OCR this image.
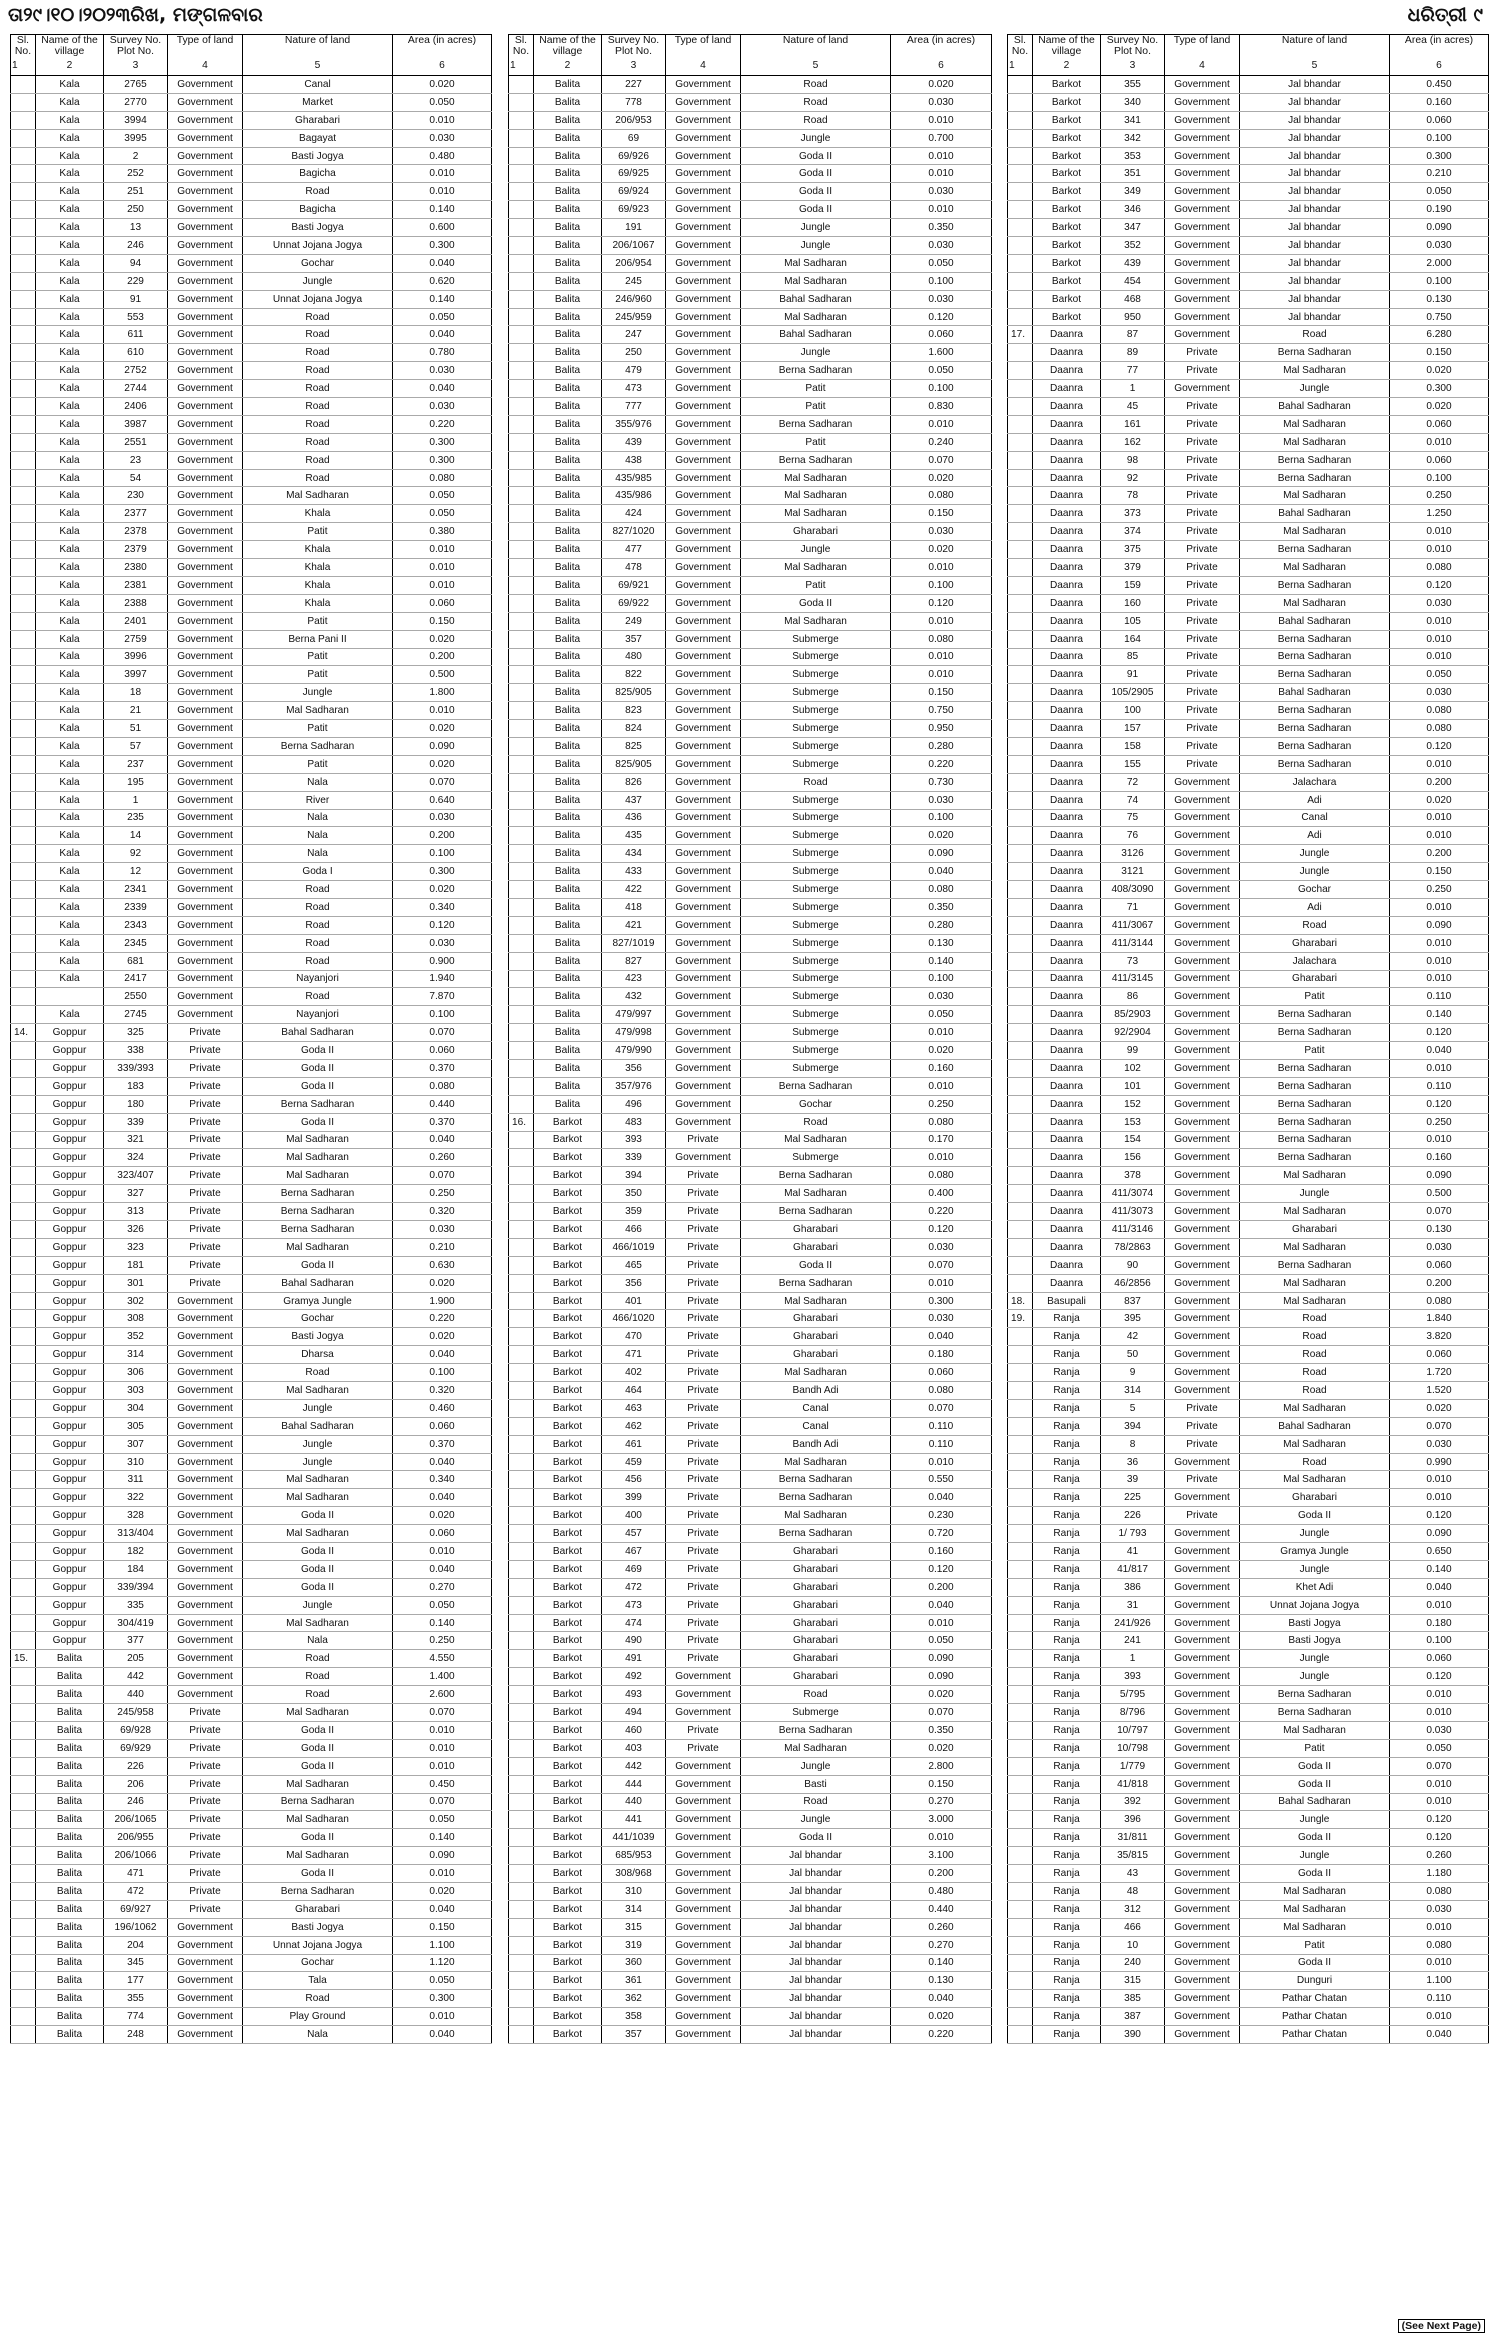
ତା୨୯।୧୦।୨୦୨୩ରିଖ, ମଙ୍ଗଳବାର	ଧରିତ୍ରୀ ୯
Sl. No.	Name of the village	Survey No. Plot No.	Type of land	Nature of land	Area (in acres)
1	2	3	4	5	6
	Kala	2765	Government	Canal	0.020
	Kala	2770	Government	Market	0.050
	Kala	3994	Government	Gharabari	0.010
	Kala	3995	Government	Bagayat	0.030
	Kala	2	Government	Basti Jogya	0.480
	Kala	252	Government	Bagicha	0.010
	Kala	251	Government	Road	0.010
	Kala	250	Government	Bagicha	0.140
	Kala	13	Government	Basti Jogya	0.600
	Kala	246	Government	Unnat Jojana Jogya	0.300
	Kala	94	Government	Gochar	0.040
	Kala	229	Government	Jungle	0.620
	Kala	91	Government	Unnat Jojana Jogya	0.140
	Kala	553	Government	Road	0.050
	Kala	611	Government	Road	0.040
	Kala	610	Government	Road	0.780
	Kala	2752	Government	Road	0.030
	Kala	2744	Government	Road	0.040
	Kala	2406	Government	Road	0.030
	Kala	3987	Government	Road	0.220
	Kala	2551	Government	Road	0.300
	Kala	23	Government	Road	0.300
	Kala	54	Government	Road	0.080
	Kala	230	Government	Mal Sadharan	0.050
	Kala	2377	Government	Khala	0.050
	Kala	2378	Government	Patit	0.380
	Kala	2379	Government	Khala	0.010
	Kala	2380	Government	Khala	0.010
	Kala	2381	Government	Khala	0.010
	Kala	2388	Government	Khala	0.060
	Kala	2401	Government	Patit	0.150
	Kala	2759	Government	Berna Pani II	0.020
	Kala	3996	Government	Patit	0.200
	Kala	3997	Government	Patit	0.500
	Kala	18	Government	Jungle	1.800
	Kala	21	Government	Mal Sadharan	0.010
	Kala	51	Government	Patit	0.020
	Kala	57	Government	Berna Sadharan	0.090
	Kala	237	Government	Patit	0.020
	Kala	195	Government	Nala	0.070
	Kala	1	Government	River	0.640
	Kala	235	Government	Nala	0.030
	Kala	14	Government	Nala	0.200
	Kala	92	Government	Nala	0.100
	Kala	12	Government	Goda I	0.300
	Kala	2341	Government	Road	0.020
	Kala	2339	Government	Road	0.340
	Kala	2343	Government	Road	0.120
	Kala	2345	Government	Road	0.030
	Kala	681	Government	Road	0.900
	Kala	2417	Government	Nayanjori	1.940
		2550	Government	Road	7.870
	Kala	2745	Government	Nayanjori	0.100
14.	Goppur	325	Private	Bahal Sadharan	0.070
	Goppur	338	Private	Goda II	0.060
	Goppur	339/393	Private	Goda II	0.370
	Goppur	183	Private	Goda II	0.080
	Goppur	180	Private	Berna Sadharan	0.440
	Goppur	339	Private	Goda II	0.370
	Goppur	321	Private	Mal Sadharan	0.040
	Goppur	324	Private	Mal Sadharan	0.260
	Goppur	323/407	Private	Mal Sadharan	0.070
	Goppur	327	Private	Berna Sadharan	0.250
	Goppur	313	Private	Berna Sadharan	0.320
	Goppur	326	Private	Berna Sadharan	0.030
	Goppur	323	Private	Mal Sadharan	0.210
	Goppur	181	Private	Goda II	0.630
	Goppur	301	Private	Bahal Sadharan	0.020
	Goppur	302	Government	Gramya Jungle	1.900
	Goppur	308	Government	Gochar	0.220
	Goppur	352	Government	Basti Jogya	0.020
	Goppur	314	Government	Dharsa	0.040
	Goppur	306	Government	Road	0.100
	Goppur	303	Government	Mal Sadharan	0.320
	Goppur	304	Government	Jungle	0.460
	Goppur	305	Government	Bahal Sadharan	0.060
	Goppur	307	Government	Jungle	0.370
	Goppur	310	Government	Jungle	0.040
	Goppur	311	Government	Mal Sadharan	0.340
	Goppur	322	Government	Mal Sadharan	0.040
	Goppur	328	Government	Goda II	0.020
	Goppur	313/404	Government	Mal Sadharan	0.060
	Goppur	182	Government	Goda II	0.010
	Goppur	184	Government	Goda II	0.040
	Goppur	339/394	Government	Goda II	0.270
	Goppur	335	Government	Jungle	0.050
	Goppur	304/419	Government	Mal Sadharan	0.140
	Goppur	377	Government	Nala	0.250
15.	Balita	205	Government	Road	4.550
	Balita	442	Government	Road	1.400
	Balita	440	Government	Road	2.600
	Balita	245/958	Private	Mal Sadharan	0.070
	Balita	69/928	Private	Goda II	0.010
	Balita	69/929	Private	Goda II	0.010
	Balita	226	Private	Goda II	0.010
	Balita	206	Private	Mal Sadharan	0.450
	Balita	246	Private	Berna Sadharan	0.070
	Balita	206/1065	Private	Mal Sadharan	0.050
	Balita	206/955	Private	Goda II	0.140
	Balita	206/1066	Private	Mal Sadharan	0.090
	Balita	471	Private	Goda II	0.010
	Balita	472	Private	Berna Sadharan	0.020
	Balita	69/927	Private	Gharabari	0.040
	Balita	196/1062	Government	Basti Jogya	0.150
	Balita	204	Government	Unnat Jojana Jogya	1.100
	Balita	345	Government	Gochar	1.120
	Balita	177	Government	Tala	0.050
	Balita	355	Government	Road	0.300
	Balita	774	Government	Play Ground	0.010
	Balita	248	Government	Nala	0.040
Sl. No.	Name of the village	Survey No. Plot No.	Type of land	Nature of land	Area (in acres)
1	2	3	4	5	6
	Balita	227	Government	Road	0.020
	Balita	778	Government	Road	0.030
	Balita	206/953	Government	Road	0.010
	Balita	69	Government	Jungle	0.700
	Balita	69/926	Government	Goda II	0.010
	Balita	69/925	Government	Goda II	0.010
	Balita	69/924	Government	Goda II	0.030
	Balita	69/923	Government	Goda II	0.010
	Balita	191	Government	Jungle	0.350
	Balita	206/1067	Government	Jungle	0.030
	Balita	206/954	Government	Mal Sadharan	0.050
	Balita	245	Government	Mal Sadharan	0.100
	Balita	246/960	Government	Bahal Sadharan	0.030
	Balita	245/959	Government	Mal Sadharan	0.120
	Balita	247	Government	Bahal Sadharan	0.060
	Balita	250	Government	Jungle	1.600
	Balita	479	Government	Berna Sadharan	0.050
	Balita	473	Government	Patit	0.100
	Balita	777	Government	Patit	0.830
	Balita	355/976	Government	Berna Sadharan	0.010
	Balita	439	Government	Patit	0.240
	Balita	438	Government	Berna Sadharan	0.070
	Balita	435/985	Government	Mal Sadharan	0.020
	Balita	435/986	Government	Mal Sadharan	0.080
	Balita	424	Government	Mal Sadharan	0.150
	Balita	827/1020	Government	Gharabari	0.030
	Balita	477	Government	Jungle	0.020
	Balita	478	Government	Mal Sadharan	0.010
	Balita	69/921	Government	Patit	0.100
	Balita	69/922	Government	Goda II	0.120
	Balita	249	Government	Mal Sadharan	0.010
	Balita	357	Government	Submerge	0.080
	Balita	480	Government	Submerge	0.010
	Balita	822	Government	Submerge	0.010
	Balita	825/905	Government	Submerge	0.150
	Balita	823	Government	Submerge	0.750
	Balita	824	Government	Submerge	0.950
	Balita	825	Government	Submerge	0.280
	Balita	825/905	Government	Submerge	0.220
	Balita	826	Government	Road	0.730
	Balita	437	Government	Submerge	0.030
	Balita	436	Government	Submerge	0.100
	Balita	435	Government	Submerge	0.020
	Balita	434	Government	Submerge	0.090
	Balita	433	Government	Submerge	0.040
	Balita	422	Government	Submerge	0.080
	Balita	418	Government	Submerge	0.350
	Balita	421	Government	Submerge	0.280
	Balita	827/1019	Government	Submerge	0.130
	Balita	827	Government	Submerge	0.140
	Balita	423	Government	Submerge	0.100
	Balita	432	Government	Submerge	0.030
	Balita	479/997	Government	Submerge	0.050
	Balita	479/998	Government	Submerge	0.010
	Balita	479/990	Government	Submerge	0.020
	Balita	356	Government	Submerge	0.160
	Balita	357/976	Government	Berna Sadharan	0.010
	Balita	496	Government	Gochar	0.250
16.	Barkot	483	Government	Road	0.080
	Barkot	393	Private	Mal Sadharan	0.170
	Barkot	339	Government	Submerge	0.010
	Barkot	394	Private	Berna Sadharan	0.080
	Barkot	350	Private	Mal Sadharan	0.400
	Barkot	359	Private	Berna Sadharan	0.220
	Barkot	466	Private	Gharabari	0.120
	Barkot	466/1019	Private	Gharabari	0.030
	Barkot	465	Private	Goda II	0.070
	Barkot	356	Private	Berna Sadharan	0.010
	Barkot	401	Private	Mal Sadharan	0.300
	Barkot	466/1020	Private	Gharabari	0.030
	Barkot	470	Private	Gharabari	0.040
	Barkot	471	Private	Gharabari	0.180
	Barkot	402	Private	Mal Sadharan	0.060
	Barkot	464	Private	Bandh Adi	0.080
	Barkot	463	Private	Canal	0.070
	Barkot	462	Private	Canal	0.110
	Barkot	461	Private	Bandh Adi	0.110
	Barkot	459	Private	Mal Sadharan	0.010
	Barkot	456	Private	Berna Sadharan	0.550
	Barkot	399	Private	Berna Sadharan	0.040
	Barkot	400	Private	Mal Sadharan	0.230
	Barkot	457	Private	Berna Sadharan	0.720
	Barkot	467	Private	Gharabari	0.160
	Barkot	469	Private	Gharabari	0.120
	Barkot	472	Private	Gharabari	0.200
	Barkot	473	Private	Gharabari	0.040
	Barkot	474	Private	Gharabari	0.010
	Barkot	490	Private	Gharabari	0.050
	Barkot	491	Private	Gharabari	0.090
	Barkot	492	Government	Gharabari	0.090
	Barkot	493	Government	Road	0.020
	Barkot	494	Government	Submerge	0.070
	Barkot	460	Private	Berna Sadharan	0.350
	Barkot	403	Private	Mal Sadharan	0.020
	Barkot	442	Government	Jungle	2.800
	Barkot	444	Government	Basti	0.150
	Barkot	440	Government	Road	0.270
	Barkot	441	Government	Jungle	3.000
	Barkot	441/1039	Government	Goda II	0.010
	Barkot	685/953	Government	Jal bhandar	3.100
	Barkot	308/968	Government	Jal bhandar	0.200
	Barkot	310	Government	Jal bhandar	0.480
	Barkot	314	Government	Jal bhandar	0.440
	Barkot	315	Government	Jal bhandar	0.260
	Barkot	319	Government	Jal bhandar	0.270
	Barkot	360	Government	Jal bhandar	0.140
	Barkot	361	Government	Jal bhandar	0.130
	Barkot	362	Government	Jal bhandar	0.040
	Barkot	358	Government	Jal bhandar	0.020
	Barkot	357	Government	Jal bhandar	0.220
Sl. No.	Name of the village	Survey No. Plot No.	Type of land	Nature of land	Area (in acres)
1	2	3	4	5	6
	Barkot	355	Government	Jal bhandar	0.450
	Barkot	340	Government	Jal bhandar	0.160
	Barkot	341	Government	Jal bhandar	0.060
	Barkot	342	Government	Jal bhandar	0.100
	Barkot	353	Government	Jal bhandar	0.300
	Barkot	351	Government	Jal bhandar	0.210
	Barkot	349	Government	Jal bhandar	0.050
	Barkot	346	Government	Jal bhandar	0.190
	Barkot	347	Government	Jal bhandar	0.090
	Barkot	352	Government	Jal bhandar	0.030
	Barkot	439	Government	Jal bhandar	2.000
	Barkot	454	Government	Jal bhandar	0.100
	Barkot	468	Government	Jal bhandar	0.130
	Barkot	950	Government	Jal bhandar	0.750
17.	Daanra	87	Government	Road	6.280
	Daanra	89	Private	Berna Sadharan	0.150
	Daanra	77	Private	Mal Sadharan	0.020
	Daanra	1	Government	Jungle	0.300
	Daanra	45	Private	Bahal Sadharan	0.020
	Daanra	161	Private	Mal Sadharan	0.060
	Daanra	162	Private	Mal Sadharan	0.010
	Daanra	98	Private	Berna Sadharan	0.060
	Daanra	92	Private	Berna Sadharan	0.100
	Daanra	78	Private	Mal Sadharan	0.250
	Daanra	373	Private	Bahal Sadharan	1.250
	Daanra	374	Private	Mal Sadharan	0.010
	Daanra	375	Private	Berna Sadharan	0.010
	Daanra	379	Private	Mal Sadharan	0.080
	Daanra	159	Private	Berna Sadharan	0.120
	Daanra	160	Private	Mal Sadharan	0.030
	Daanra	105	Private	Bahal Sadharan	0.010
	Daanra	164	Private	Berna Sadharan	0.010
	Daanra	85	Private	Berna Sadharan	0.010
	Daanra	91	Private	Berna Sadharan	0.050
	Daanra	105/2905	Private	Bahal Sadharan	0.030
	Daanra	100	Private	Berna Sadharan	0.080
	Daanra	157	Private	Berna Sadharan	0.080
	Daanra	158	Private	Berna Sadharan	0.120
	Daanra	155	Private	Berna Sadharan	0.010
	Daanra	72	Government	Jalachara	0.200
	Daanra	74	Government	Adi	0.020
	Daanra	75	Government	Canal	0.010
	Daanra	76	Government	Adi	0.010
	Daanra	3126	Government	Jungle	0.200
	Daanra	3121	Government	Jungle	0.150
	Daanra	408/3090	Government	Gochar	0.250
	Daanra	71	Government	Adi	0.010
	Daanra	411/3067	Government	Road	0.090
	Daanra	411/3144	Government	Gharabari	0.010
	Daanra	73	Government	Jalachara	0.010
	Daanra	411/3145	Government	Gharabari	0.010
	Daanra	86	Government	Patit	0.110
	Daanra	85/2903	Government	Berna Sadharan	0.140
	Daanra	92/2904	Government	Berna Sadharan	0.120
	Daanra	99	Government	Patit	0.040
	Daanra	102	Government	Berna Sadharan	0.010
	Daanra	101	Government	Berna Sadharan	0.110
	Daanra	152	Government	Berna Sadharan	0.120
	Daanra	153	Government	Berna Sadharan	0.250
	Daanra	154	Government	Berna Sadharan	0.010
	Daanra	156	Government	Berna Sadharan	0.160
	Daanra	378	Government	Mal Sadharan	0.090
	Daanra	411/3074	Government	Jungle	0.500
	Daanra	411/3073	Government	Mal Sadharan	0.070
	Daanra	411/3146	Government	Gharabari	0.130
	Daanra	78/2863	Government	Mal Sadharan	0.030
	Daanra	90	Government	Berna Sadharan	0.060
	Daanra	46/2856	Government	Mal Sadharan	0.200
18.	Basupali	837	Government	Mal Sadharan	0.080
19.	Ranja	395	Government	Road	1.840
	Ranja	42	Government	Road	3.820
	Ranja	50	Government	Road	0.060
	Ranja	9	Government	Road	1.720
	Ranja	314	Government	Road	1.520
	Ranja	5	Private	Mal Sadharan	0.020
	Ranja	394	Private	Bahal Sadharan	0.070
	Ranja	8	Private	Mal Sadharan	0.030
	Ranja	36	Government	Road	0.990
	Ranja	39	Private	Mal Sadharan	0.010
	Ranja	225	Government	Gharabari	0.010
	Ranja	226	Private	Goda II	0.120
	Ranja	1/ 793	Government	Jungle	0.090
	Ranja	41	Government	Gramya Jungle	0.650
	Ranja	41/817	Government	Jungle	0.140
	Ranja	386	Government	Khet Adi	0.040
	Ranja	31	Government	Unnat Jojana Jogya	0.010
	Ranja	241/926	Government	Basti Jogya	0.180
	Ranja	241	Government	Basti Jogya	0.100
	Ranja	1	Government	Jungle	0.060
	Ranja	393	Government	Jungle	0.120
	Ranja	5/795	Government	Berna Sadharan	0.010
	Ranja	8/796	Government	Berna Sadharan	0.010
	Ranja	10/797	Government	Mal Sadharan	0.030
	Ranja	10/798	Government	Patit	0.050
	Ranja	1/779	Government	Goda II	0.070
	Ranja	41/818	Government	Goda II	0.010
	Ranja	392	Government	Bahal Sadharan	0.010
	Ranja	396	Government	Jungle	0.120
	Ranja	31/811	Government	Goda II	0.120
	Ranja	35/815	Government	Jungle	0.260
	Ranja	43	Government	Goda II	1.180
	Ranja	48	Government	Mal Sadharan	0.080
	Ranja	312	Government	Mal Sadharan	0.030
	Ranja	466	Government	Mal Sadharan	0.010
	Ranja	10	Government	Patit	0.080
	Ranja	240	Government	Goda II	0.010
	Ranja	315	Government	Dunguri	1.100
	Ranja	385	Government	Pathar Chatan	0.110
	Ranja	387	Government	Pathar Chatan	0.010
	Ranja	390	Government	Pathar Chatan	0.040
(See Next Page)
